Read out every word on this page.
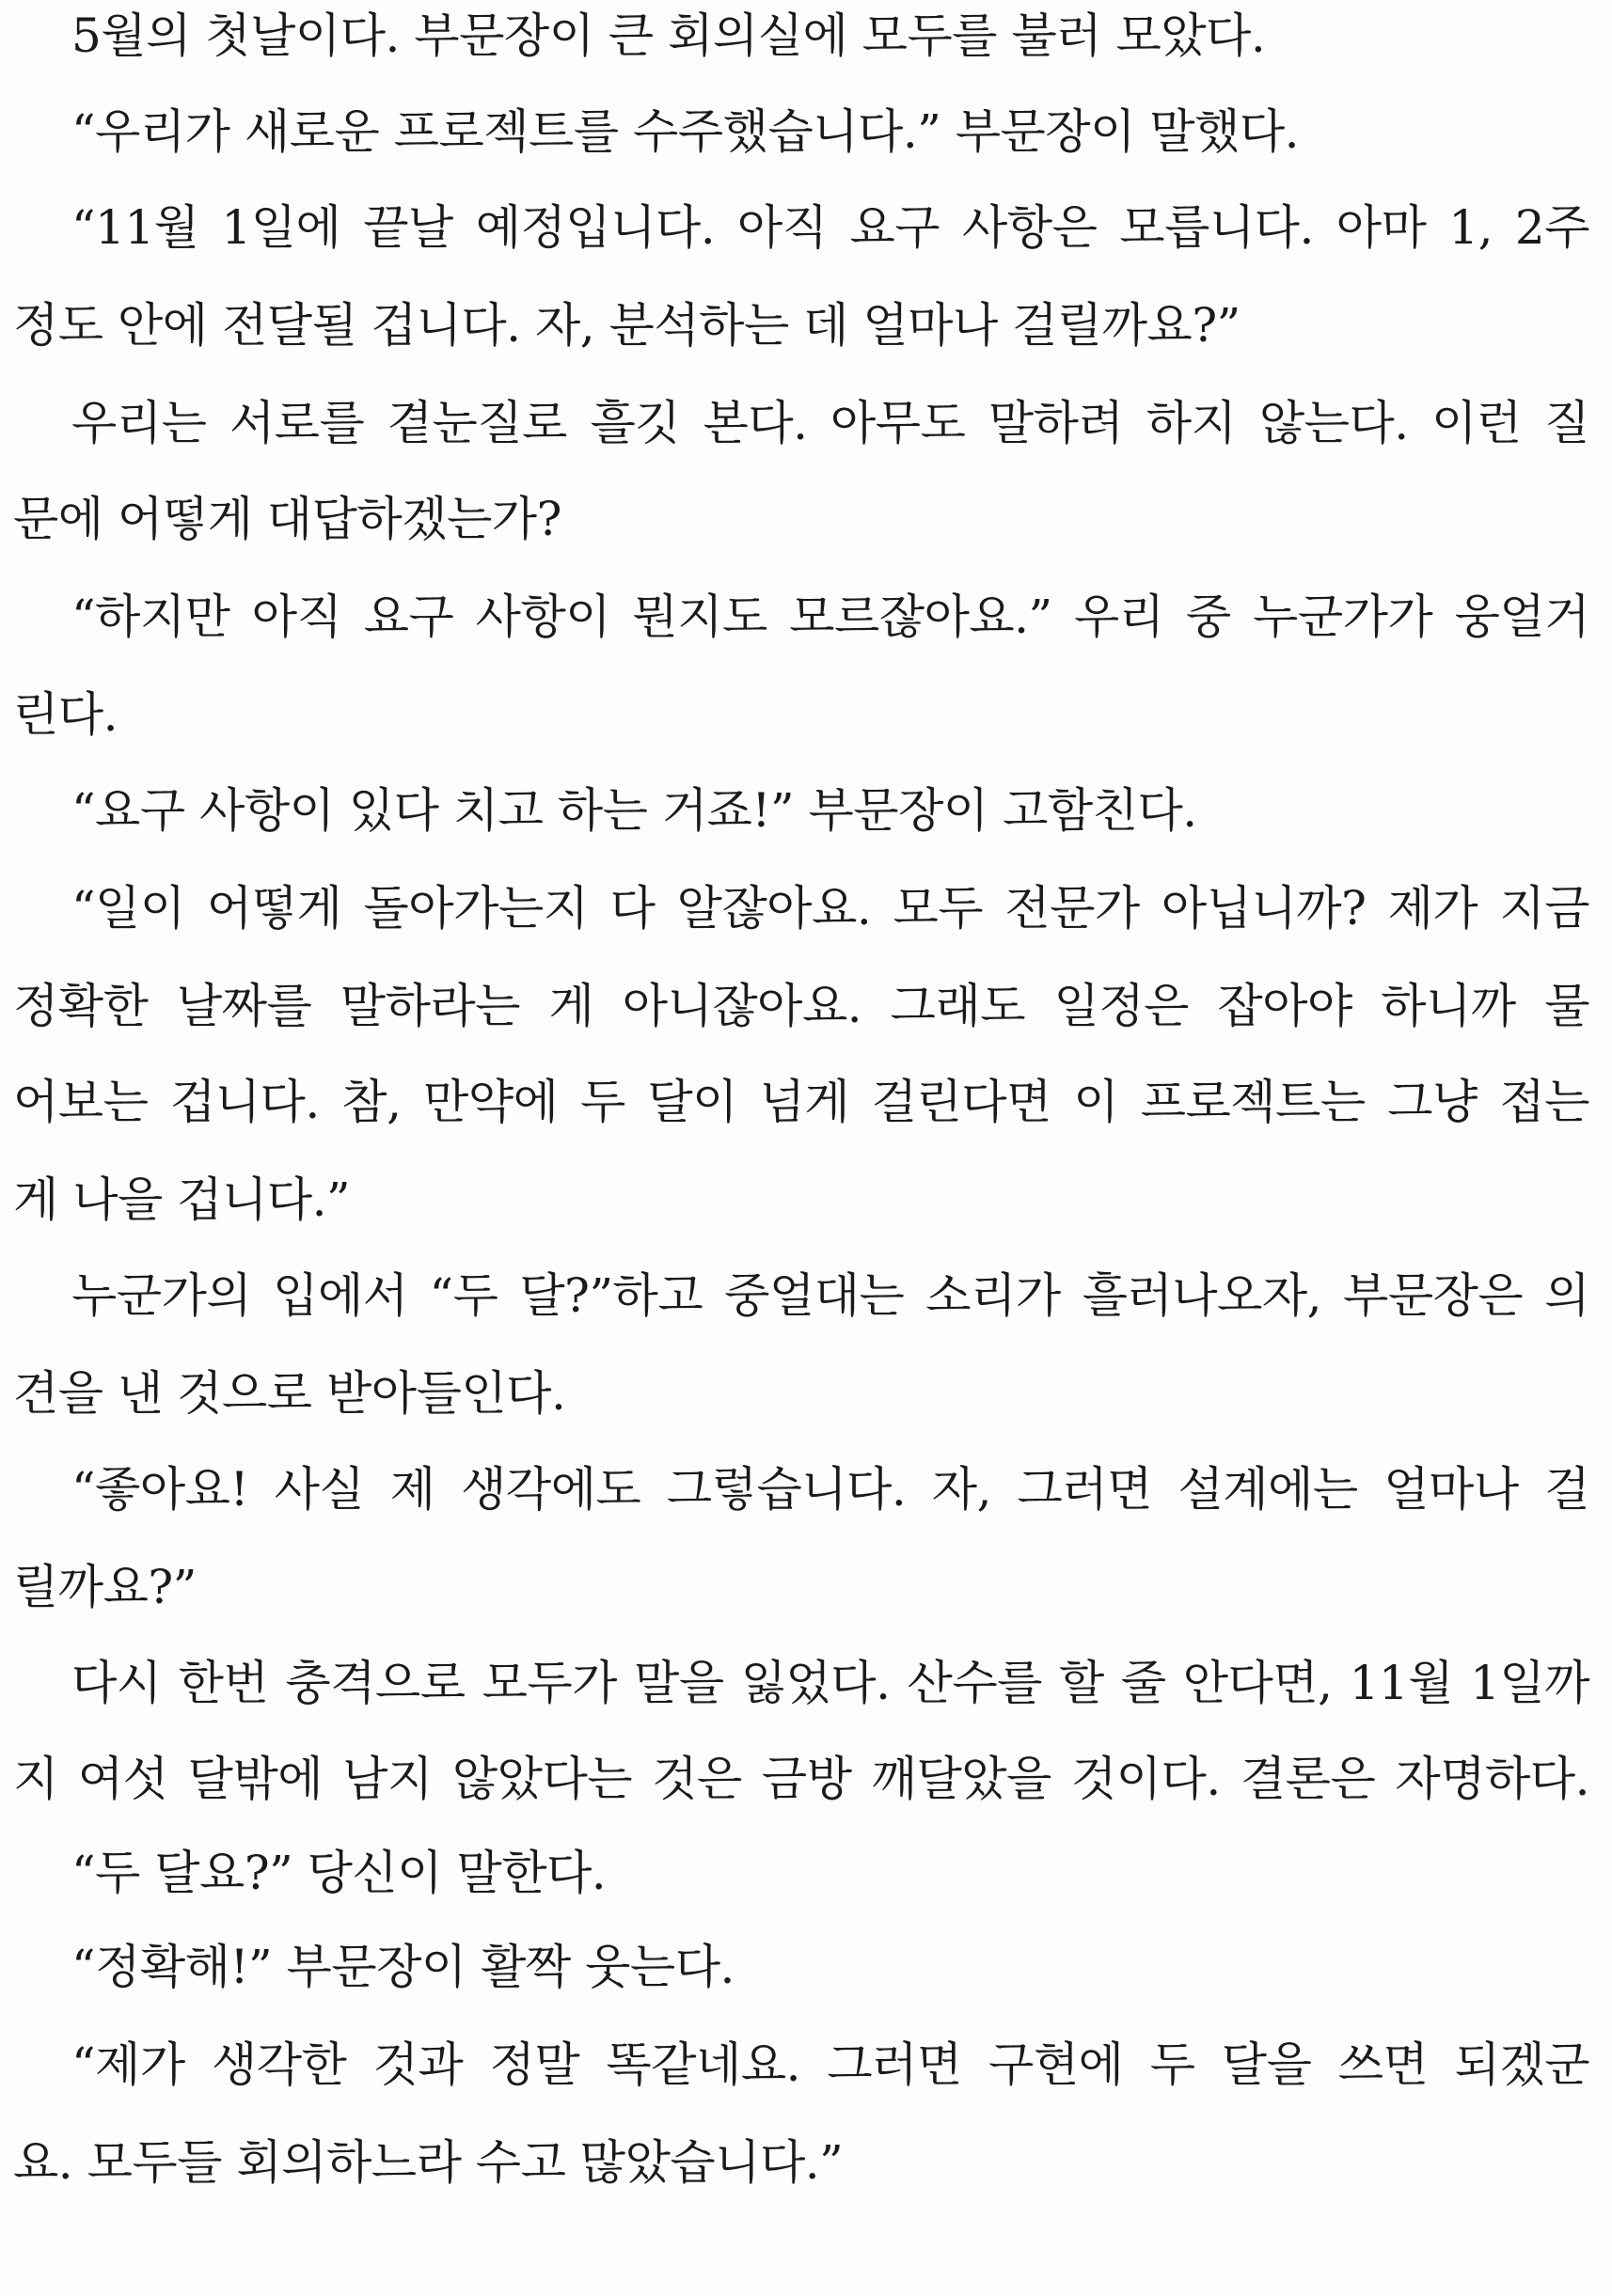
5월의 첫날이다. 부문장이 큰 회의실에 모두를 불러 모았다.
“우리가 새로운 프로젝트를 수주했습니다.” 부문장이 말했다.
“11월 1일에 끝날 예정입니다. 아직 요구 사항은 모릅니다. 아마 1, 2주
정도 안에 전달될 겁니다. 자, 분석하는 데 얼마나 걸릴까요?”
우리는 서로를 곁눈질로 흘깃 본다. 아무도 말하려 하지 않는다. 이런 질
문에 어떻게 대답하겠는가?
“하지만 아직 요구 사항이 뭔지도 모르잖아요.” 우리 중 누군가가 웅얼거
린다.
“요구 사항이 있다 치고 하는 거죠!” 부문장이 고함친다.
“일이 어떻게 돌아가는지 다 알잖아요. 모두 전문가 아닙니까? 제가 지금
정확한 날짜를 말하라는 게 아니잖아요. 그래도 일정은 잡아야 하니까 물
어보는 겁니다. 참, 만약에 두 달이 넘게 걸린다면 이 프로젝트는 그냥 접는
게 나을 겁니다.”
누군가의 입에서 “두 달?”하고 중얼대는 소리가 흘러나오자, 부문장은 의
견을 낸 것으로 받아들인다.
“좋아요! 사실 제 생각에도 그렇습니다. 자, 그러면 설계에는 얼마나 걸
릴까요?”
다시 한번 충격으로 모두가 말을 잃었다. 산수를 할 줄 안다면, 11월 1일까
지 여섯 달밖에 남지 않았다는 것은 금방 깨달았을 것이다. 결론은 자명하다.
“두 달요?” 당신이 말한다.
“정확해!” 부문장이 활짝 웃는다.
“제가 생각한 것과 정말 똑같네요. 그러면 구현에 두 달을 쓰면 되겠군
요. 모두들 회의하느라 수고 많았습니다.”
